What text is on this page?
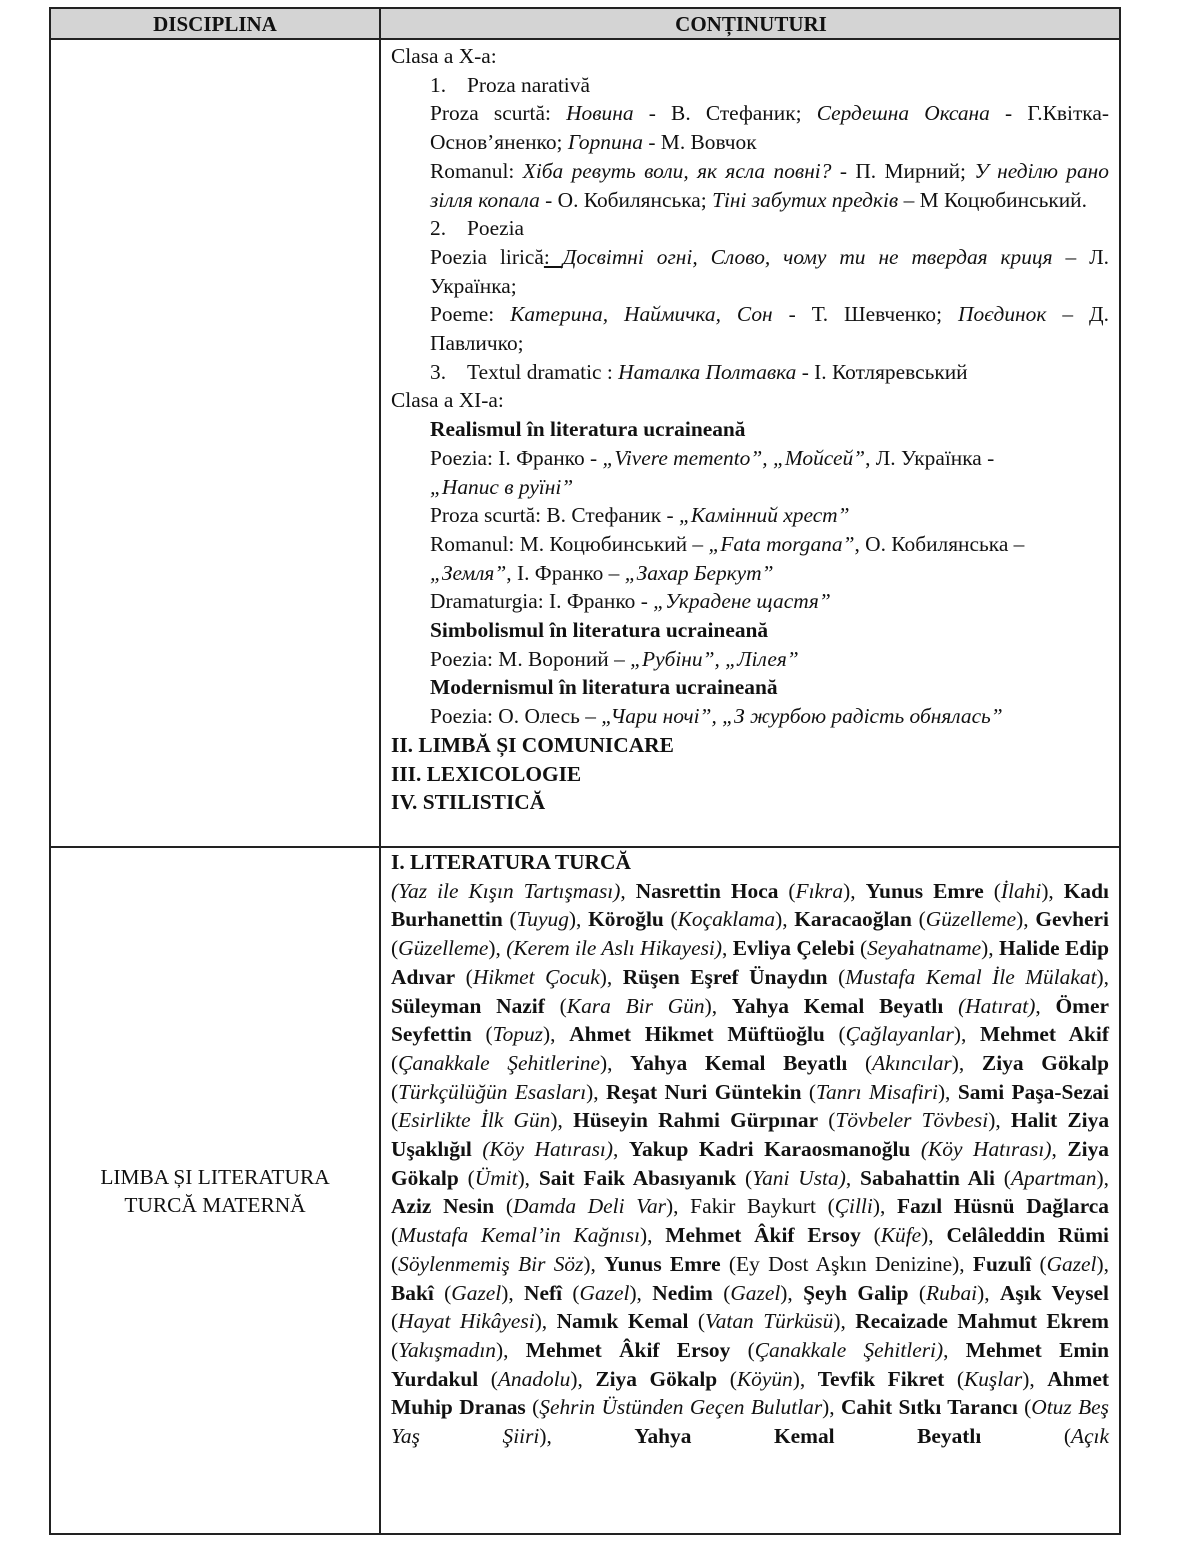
DISCIPLINA	CONȚINUTURI

Clasa a X-a:

1. Proza narativă

Proza scurtă: Новина - В. Стефаник; Сердешна Оксана - Г.Квітка-Основ’яненко; Горпина - М. Вовчок

Romanul: Хіба ревуть воли, як ясла повні? - П. Мирний; У неділю рано зілля копала - О. Кобилянська; Тіні забутих предків – М Коцюбинський.

2. Poezia

Poezia lirică: Досвітні огні, Слово, чому ти не твердая криця – Л. Українка;

Poeme: Катерина, Наймичка, Сон - Т. Шевченко; Поєдинок – Д. Павличко;

3. Textul dramatic : Наталка Полтавка - І. Котляревський

Clasa a XI-a:

Realismul în literatura ucraineană

Poezia: І. Франко - „Vivere memento”, „Мойсей”, Л. Українка -
„Напис в руїні”

Proza scurtă: В. Стефаник - „Камінний хрест”

Romanul: М. Коцюбинський – „Fata morgana”, О. Кобилянська –
„Земля”, І. Франко – „Захар Беркут”

Dramaturgia: І. Франко - „Украдене щастя”

Simbolismul în literatura ucraineană

Poezia: М. Вороний – „Рубіни”, „Лілея”

Modernismul în literatura ucraineană

Poezia: О. Олесь – „Чари ночі”, „З журбою радість обнялась”

II. LIMBĂ ȘI COMUNICARE

III. LEXICOLOGIE

IV. STILISTICĂ

LIMBA ȘI LITERATURA
TURCĂ MATERNĂ

I. LITERATURA TURCĂ

(Yaz ile Kışın Tartışması), Nasrettin Hoca (Fıkra), Yunus Emre (İlahi), Kadı Burhanettin (Tuyug), Köroğlu (Koçaklama), Karacaoğlan (Güzelleme), Gevheri (Güzelleme), (Kerem ile Aslı Hikayesi), Evliya Çelebi (Seyahatname), Halide Edip Adıvar (Hikmet Çocuk), Rüşen Eşref Ünaydın (Mustafa Kemal İle Mülakat), Süleyman Nazif (Kara Bir Gün), Yahya Kemal Beyatlı (Hatırat), Ömer Seyfettin (Topuz), Ahmet Hikmet Müftüoğlu (Çağlayanlar), Mehmet Akif (Çanakkale Şehitlerine), Yahya Kemal Beyatlı (Akıncılar), Ziya Gökalp (Türkçülüğün Esasları), Reşat Nuri Güntekin (Tanrı Misafiri), Sami Paşa-Sezai (Esirlikte İlk Gün), Hüseyin Rahmi Gürpınar (Tövbeler Tövbesi), Halit Ziya Uşaklığıl (Köy Hatırası), Yakup Kadri Karaosmanoğlu (Köy Hatırası), Ziya Gökalp (Ümit), Sait Faik Abasıyanık (Yani Usta), Sabahattin Ali (Apartman), Aziz Nesin (Damda Deli Var), Fakir Baykurt (Çilli), Fazıl Hüsnü Dağlarca (Mustafa Kemal’in Kağnısı), Mehmet Âkif Ersoy (Küfe), Celâleddin Rümi (Söylenmemiş Bir Söz), Yunus Emre (Ey Dost Aşkın Denizine), Fuzulî (Gazel), Bakî (Gazel), Nefî (Gazel), Nedim (Gazel), Şeyh Galip (Rubai), Aşık Veysel (Hayat Hikâyesi), Namık Kemal (Vatan Türküsü), Recaizade Mahmut Ekrem (Yakışmadın), Mehmet Âkif Ersoy (Çanakkale Şehitleri), Mehmet Emin Yurdakul (Anadolu), Ziya Gökalp (Köyün), Tevfik Fikret (Kuşlar), Ahmet Muhip Dranas (Şehrin Üstünden Geçen Bulutlar), Cahit Sıtkı Tarancı (Otuz Beş Yaş Şiiri), Yahya Kemal Beyatlı (Açık
